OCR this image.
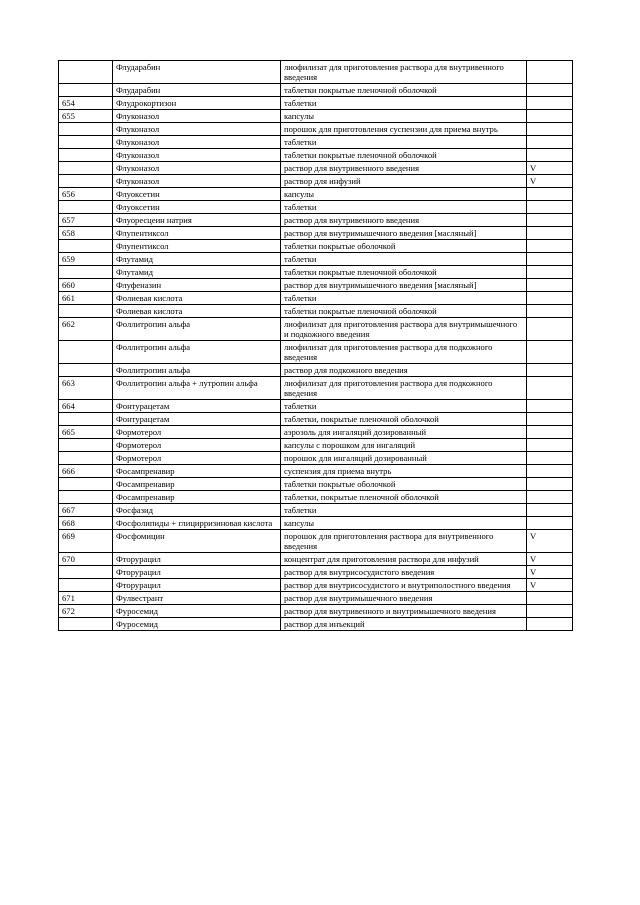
	Флударабин	лиофилизат для приготовления раствора для внутривенного введения	
	Флударабин	таблетки покрытые пленочной оболочкой	
654	Флудрокортизон	таблетки	
655	Флуконазол	капсулы	
	Флуконазол	порошок для приготовления суспензии для приема внутрь	
	Флуконазол	таблетки	
	Флуконазол	таблетки покрытые пленочной оболочкой	
	Флуконазол	раствор для внутривенного введения	V
	Флуконазол	раствор для инфузий	V
656	Флуоксетин	капсулы	
	Флуоксетин	таблетки	
657	Флуоресцеин натрия	раствор для внутривенного введения	
658	Флупентиксол	раствор для внутримышечного введения [масляный]	
	Флупентиксол	таблетки покрытые оболочкой	
659	Флутамид	таблетки	
	Флутамид	таблетки покрытые пленочной оболочкой	
660	Флуфеназин	раствор для внутримышечного введения [масляный]	
661	Фолиевая кислота	таблетки	
	Фолиевая кислота	таблетки покрытые пленочной оболочкой	
662	Фоллитропин альфа	лиофилизат для приготовления раствора для внутримышечного и подкожного введения	
	Фоллитропин альфа	лиофилизат для приготовления раствора для подкожного введения	
	Фоллитропин альфа	раствор для подкожного введения	
663	Фоллитропин альфа + лутропин альфа	лиофилизат для приготовления раствора для подкожного введения	
664	Фонтурацетам	таблетки	
	Фонтурацетам	таблетки, покрытые пленочной оболочкой	
665	Формотерол	аэрозоль для ингаляций дозированный	
	Формотерол	капсулы с порошком для ингаляций	
	Формотерол	порошок для ингаляций дозированный	
666	Фосампренавир	суспензия для приема внутрь	
	Фосампренавир	таблетки покрытые оболочкой	
	Фосампренавир	таблетки, покрытые пленочной оболочкой	
667	Фосфазид	таблетки	
668	Фосфолипиды + глицирризиновая кислота	капсулы	
669	Фосфомицин	порошок для приготовления раствора для внутривенного введения	V
670	Фторурацил	концентрат для приготовления раствора для инфузий	V
	Фторурацил	раствор для внутрисосудистого введения	V
	Фторурацил	раствор для внутрисосудистого и внутриполостного введения	V
671	Фулвестрант	раствор для внутримышечного введения	
672	Фуросемид	раствор для внутривенного и внутримышечного введения	
	Фуросемид	раствор для инъекций	
